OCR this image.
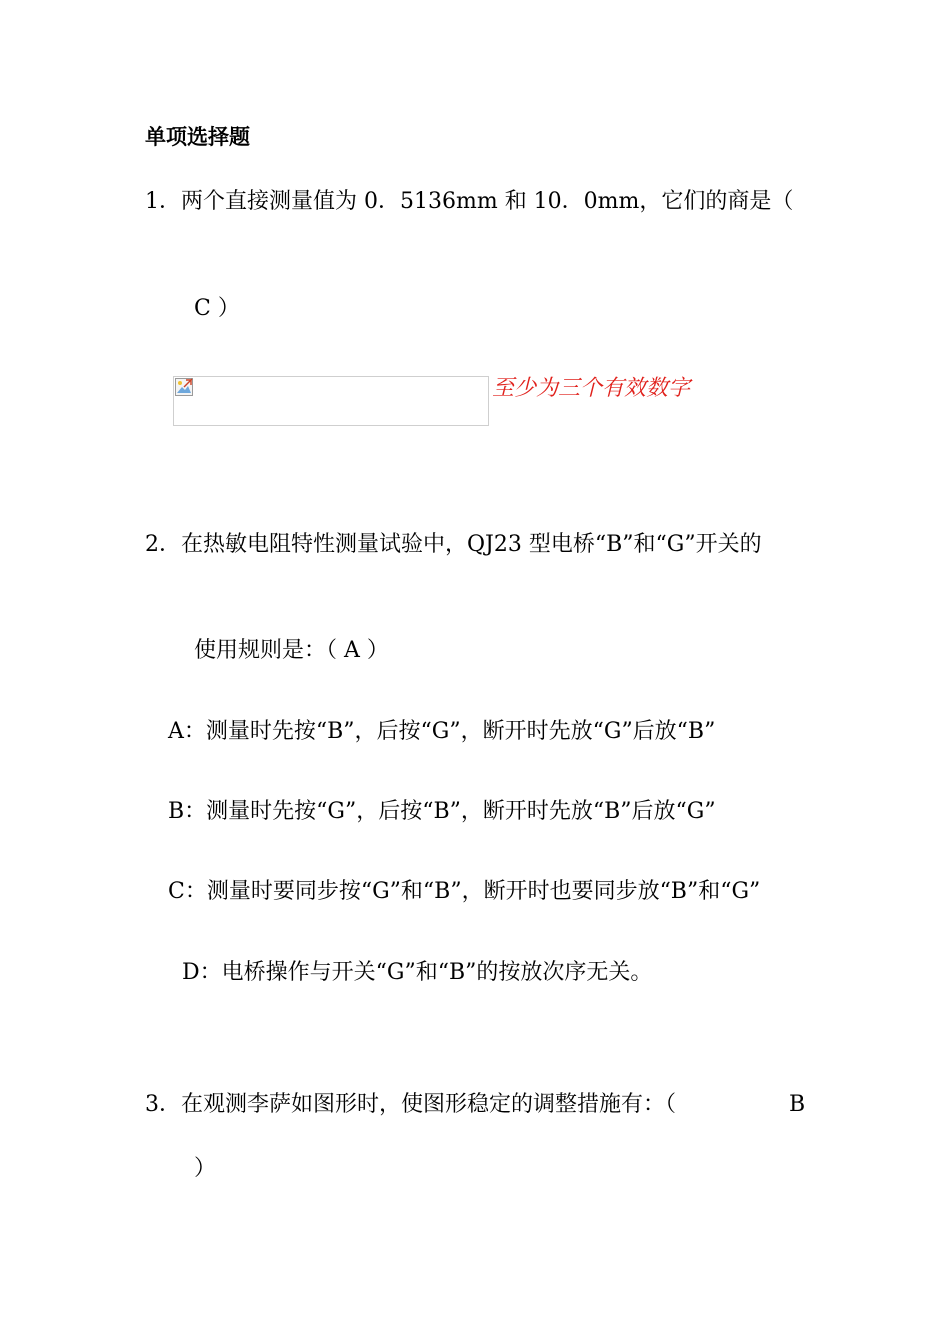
单项选择题
1．两个直接测量值为 0．5136mm 和 10．0mm，它们的商是（
C ）
至少为三个有效数字
2．在热敏电阻特性测量试验中，QJ23 型电桥“B”和“G”开关的
使用规则是：（ A ）
A：测量时先按“B”，后按“G”，断开时先放“G”后放“B”
B：测量时先按“G”，后按“B”，断开时先放“B”后放“G”
C：测量时要同步按“G”和“B”，断开时也要同步放“B”和“G”
D：电桥操作与开关“G”和“B”的按放次序无关。
3．在观测李萨如图形时，使图形稳定的调整措施有：（	B
）
